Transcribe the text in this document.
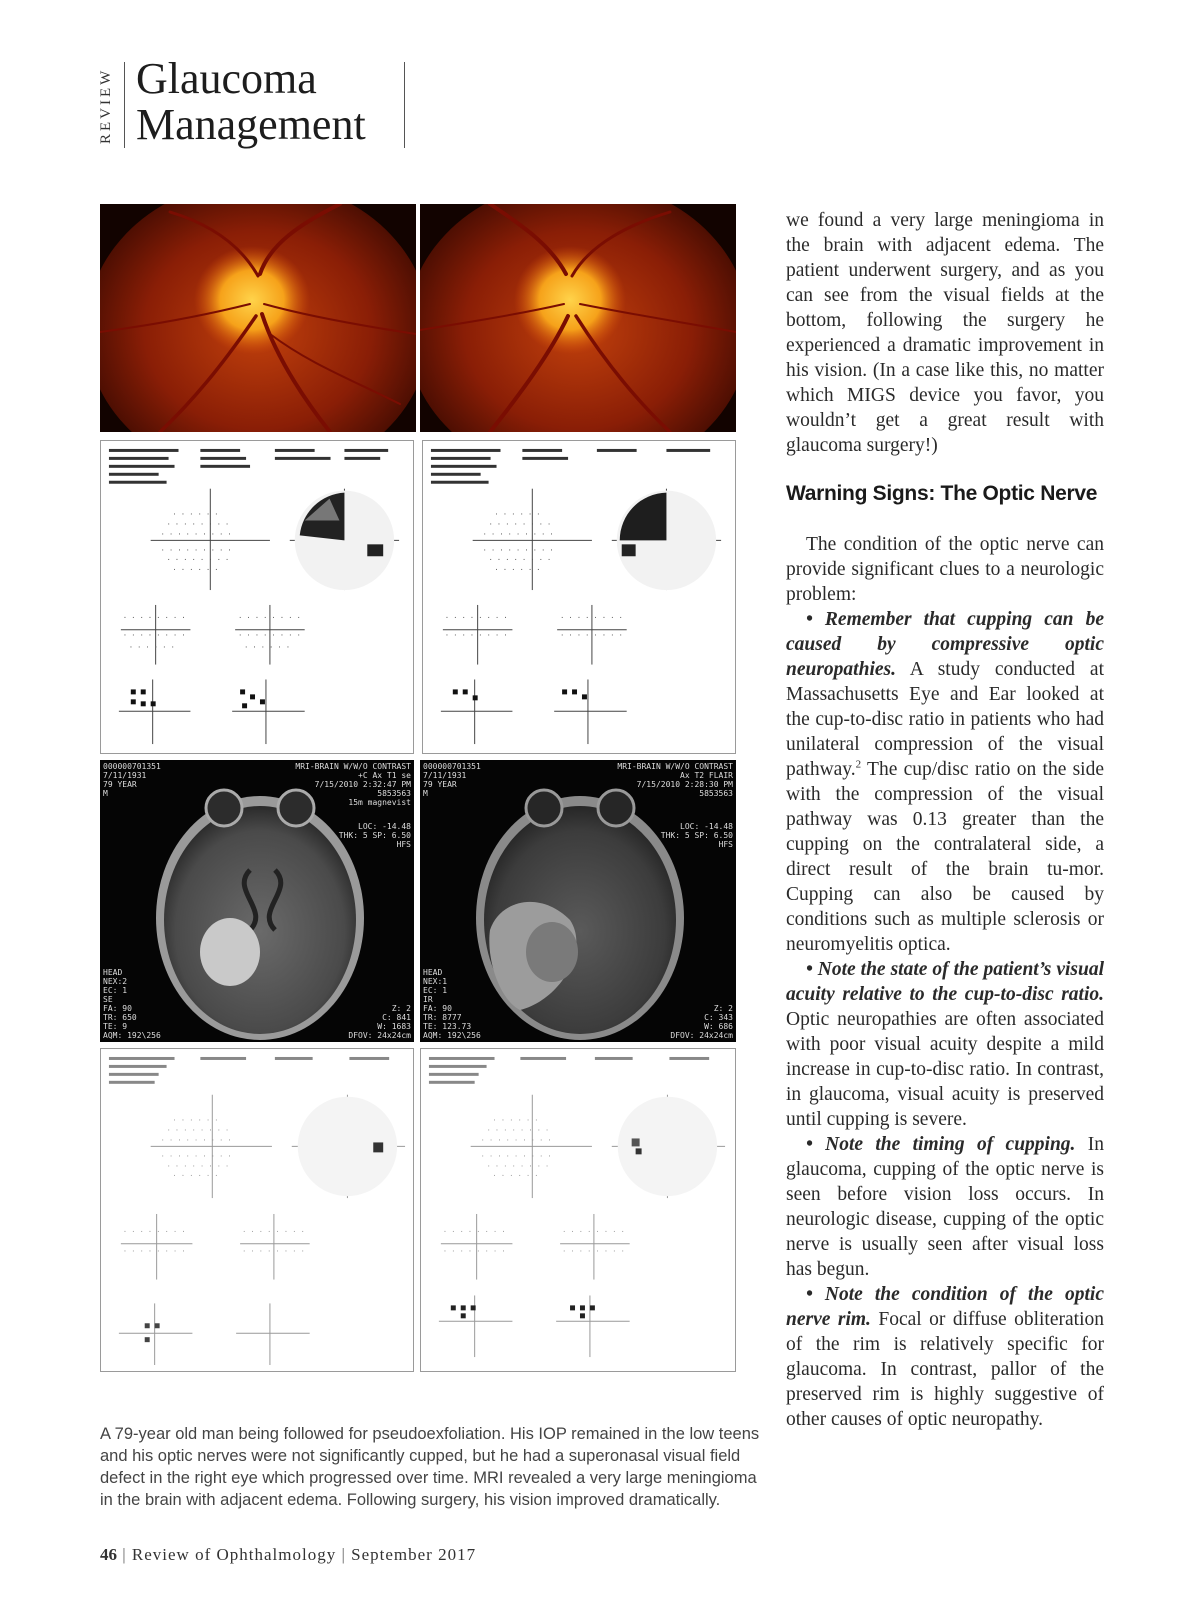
REVIEW Glaucoma
Management
· · · · · ·
· · · · · · · ·
· · · · · · · · ·
· · · · · · · · ·
· · · · · · · ·
· · · · · ·
· · · · · · · ·
· · · · · · · ·
· · · · · ·
· · · · · · · ·
· · · · · · · ·
· · · · · ·
· · · · · ·
· · · · · · · ·
· · · · · · · · ·
· · · · · · · · ·
· · · · · · · ·
· · · · · ·
· · · · · · · ·
· · · · · · · ·
· · · · · · · ·
· · · · · · · ·
000000701351
7/11/1931
79 YEAR
M
MRI-BRAIN W/W/O CONTRAST
+C Ax T1 se
7/15/2010 2:32:47 PM
5853563
15m magnevist
LOC: -14.48
THK: 5 SP: 6.50
HFS
HEAD
NEX:2
EC: 1
SE
FA: 90
TR: 650
TE: 9
AQM: 192\256
Z: 2
C: 841
W: 1683
DFOV: 24x24cm
000000701351
7/11/1931
79 YEAR
M
MRI-BRAIN W/W/O CONTRAST
Ax T2 FLAIR
7/15/2010 2:28:30 PM
5853563
LOC: -14.48
THK: 5 SP: 6.50
HFS
HEAD
NEX:1
EC: 1
IR
FA: 90
TR: 8777
TE: 123.73
AQM: 192\256
Z: 2
C: 343
W: 686
DFOV: 24x24cm
· · · · · ·
· · · · · · · ·
· · · · · · · · ·
· · · · · · · · ·
· · · · · · · ·
· · · · · ·
· · · · · · · ·
· · · · · · · ·
· · · · · · · ·
· · · · · · · ·
· · · · · ·
· · · · · · · ·
· · · · · · · · ·
· · · · · · · · ·
· · · · · · · ·
· · · · · ·
· · · · · · · ·
· · · · · · · ·
· · · · · · · ·
· · · · · · · ·
A 79-year old man being followed for pseudoexfoliation. His IOP remained in the low teens and his optic nerves were not significantly cupped, but he had a superonasal visual field defect in the right eye which progressed over time. MRI revealed a very large meningioma in the brain with adjacent edema. Following surgery, his vision improved dramatically.

we found a very large meningioma in the brain with adjacent edema. The patient underwent surgery, and as you can see from the visual fields at the bottom, following the surgery he experienced a dramatic improvement in his vision. (In a case like this, no matter which MIGS device you favor, you wouldn’t get a great result with glaucoma surgery!)

Warning Signs: The Optic Nerve

The condition of the optic nerve can provide significant clues to a neurologic problem:

• Remember that cupping can be caused by compressive optic neuropathies. A study conducted at Massachusetts Eye and Ear looked at the cup-to-disc ratio in patients who had unilateral compression of the visual pathway.$^2$ The cup/disc ratio on the side with the compression of the visual pathway was 0.13 greater than the cupping on the contralateral side, a direct result of the brain tu-mor. Cupping can also be caused by conditions such as multiple sclerosis or neuromyelitis optica.

• Note the state of the patient’s visual acuity relative to the cup-to-disc ratio. Optic neuropathies are often associated with poor visual acuity despite a mild increase in cup-to-disc ratio. In contrast, in glaucoma, visual acuity is preserved until cupping is severe.

• Note the timing of cupping. In glaucoma, cupping of the optic nerve is seen before vision loss occurs. In neurologic disease, cupping of the optic nerve is usually seen after visual loss has begun.

• Note the condition of the optic nerve rim. Focal or diffuse obliteration of the rim is relatively specific for glaucoma. In contrast, pallor of the preserved rim is highly suggestive of other causes of optic neuropathy.

46 | Review of Ophthalmology | September 2017
